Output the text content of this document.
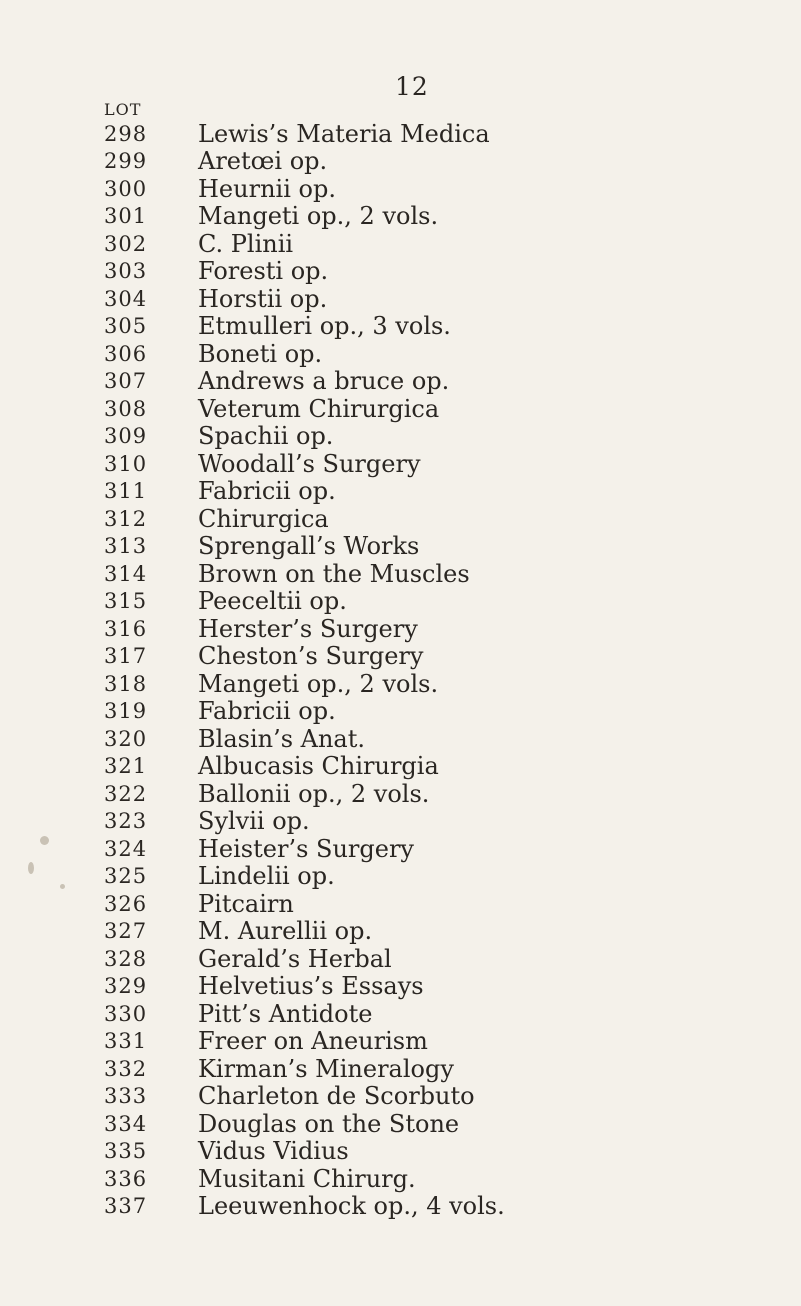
12
LOT
298	Lewis’s Materia Medica
299	Aretœi op.
300	Heurnii op.
301	Mangeti op., 2 vols.
302	C. Plinii
303	Foresti op.
304	Horstii op.
305	Etmulleri op., 3 vols.
306	Boneti op.
307	Andrews a bruce op.
308	Veterum Chirurgica
309	Spachii op.
310	Woodall’s Surgery
311	Fabricii op.
312	Chirurgica
313	Sprengall’s Works
314	Brown on the Muscles
315	Peeceltii op.
316	Herster’s Surgery
317	Cheston’s Surgery
318	Mangeti op., 2 vols.
319	Fabricii op.
320	Blasin’s Anat.
321	Albucasis Chirurgia
322	Ballonii op., 2 vols.
323	Sylvii op.
324	Heister’s Surgery
325	Lindelii op.
326	Pitcairn
327	M. Aurellii op.
328	Gerald’s Herbal
329	Helvetius’s Essays
330	Pitt’s Antidote
331	Freer on Aneurism
332	Kirman’s Mineralogy
333	Charleton de Scorbuto
334	Douglas on the Stone
335	Vidus Vidius
336	Musitani Chirurg.
337	Leeuwenhock op., 4 vols.
